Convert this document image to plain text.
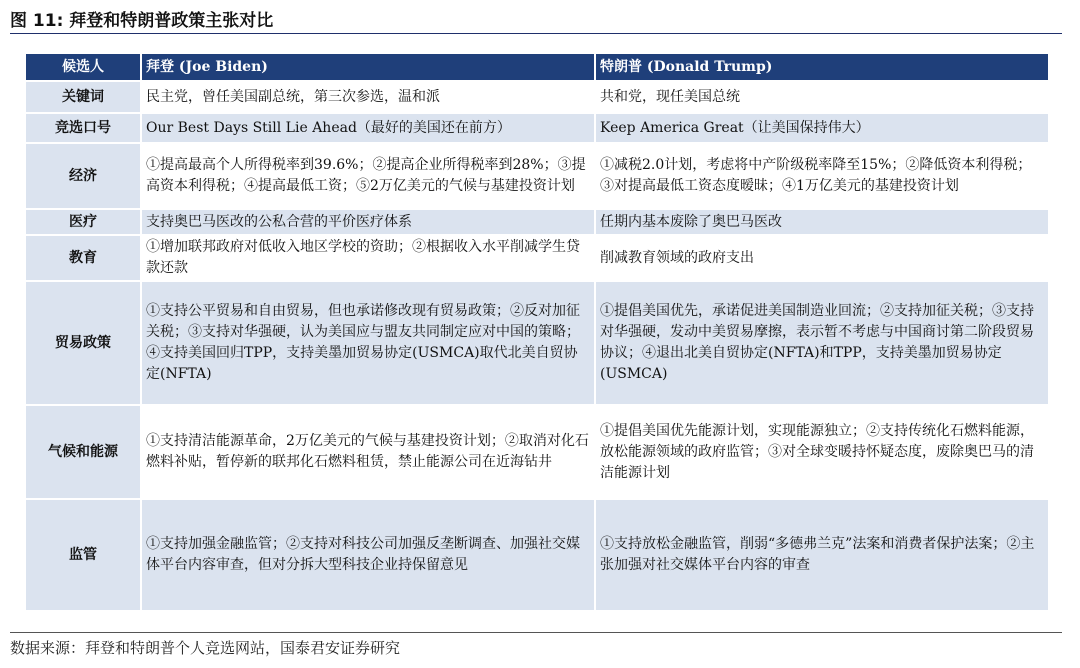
图 11: 拜登和特朗普政策主张对比
候选人	拜登 (Joe Biden)	特朗普 (Donald Trump)
关键词	民主党，曾任美国副总统，第三次参选，温和派	共和党，现任美国总统
竞选口号	Our Best Days Still Lie Ahead（最好的美国还在前方）	Keep America Great（让美国保持伟大）
经济	①提高最高个人所得税率到39.6%；②提高企业所得税率到28%；③提高资本利得税；④提高最低工资；⑤2万亿美元的气候与基建投资计划	①减税2.0计划，考虑将中产阶级税率降至15%；②降低资本利得税；③对提高最低工资态度暧昧；④1万亿美元的基建投资计划
医疗	支持奥巴马医改的公私合营的平价医疗体系	任期内基本废除了奥巴马医改
教育	①增加联邦政府对低收入地区学校的资助；②根据收入水平削减学生贷款还款	削减教育领域的政府支出
贸易政策	①支持公平贸易和自由贸易，但也承诺修改现有贸易政策；②反对加征关税；③支持对华强硬，认为美国应与盟友共同制定应对中国的策略；④支持美国回归TPP，支持美墨加贸易协定(USMCA)取代北美自贸协定(NFTA)	①提倡美国优先，承诺促进美国制造业回流；②支持加征关税；③支持对华强硬，发动中美贸易摩擦，表示暂不考虑与中国商讨第二阶段贸易协议；④退出北美自贸协定(NFTA)和TPP，支持美墨加贸易协定(USMCA)
气候和能源	①支持清洁能源革命，2万亿美元的气候与基建投资计划；②取消对化石燃料补贴，暂停新的联邦化石燃料租赁，禁止能源公司在近海钻井	①提倡美国优先能源计划，实现能源独立；②支持传统化石燃料能源，放松能源领域的政府监管；③对全球变暖持怀疑态度，废除奥巴马的清洁能源计划
监管	①支持加强金融监管；②支持对科技公司加强反垄断调查、加强社交媒体平台内容审查，但对分拆大型科技企业持保留意见	①支持放松金融监管，削弱“多德弗兰克”法案和消费者保护法案；②主张加强对社交媒体平台内容的审查
数据来源：拜登和特朗普个人竞选网站，国泰君安证券研究
